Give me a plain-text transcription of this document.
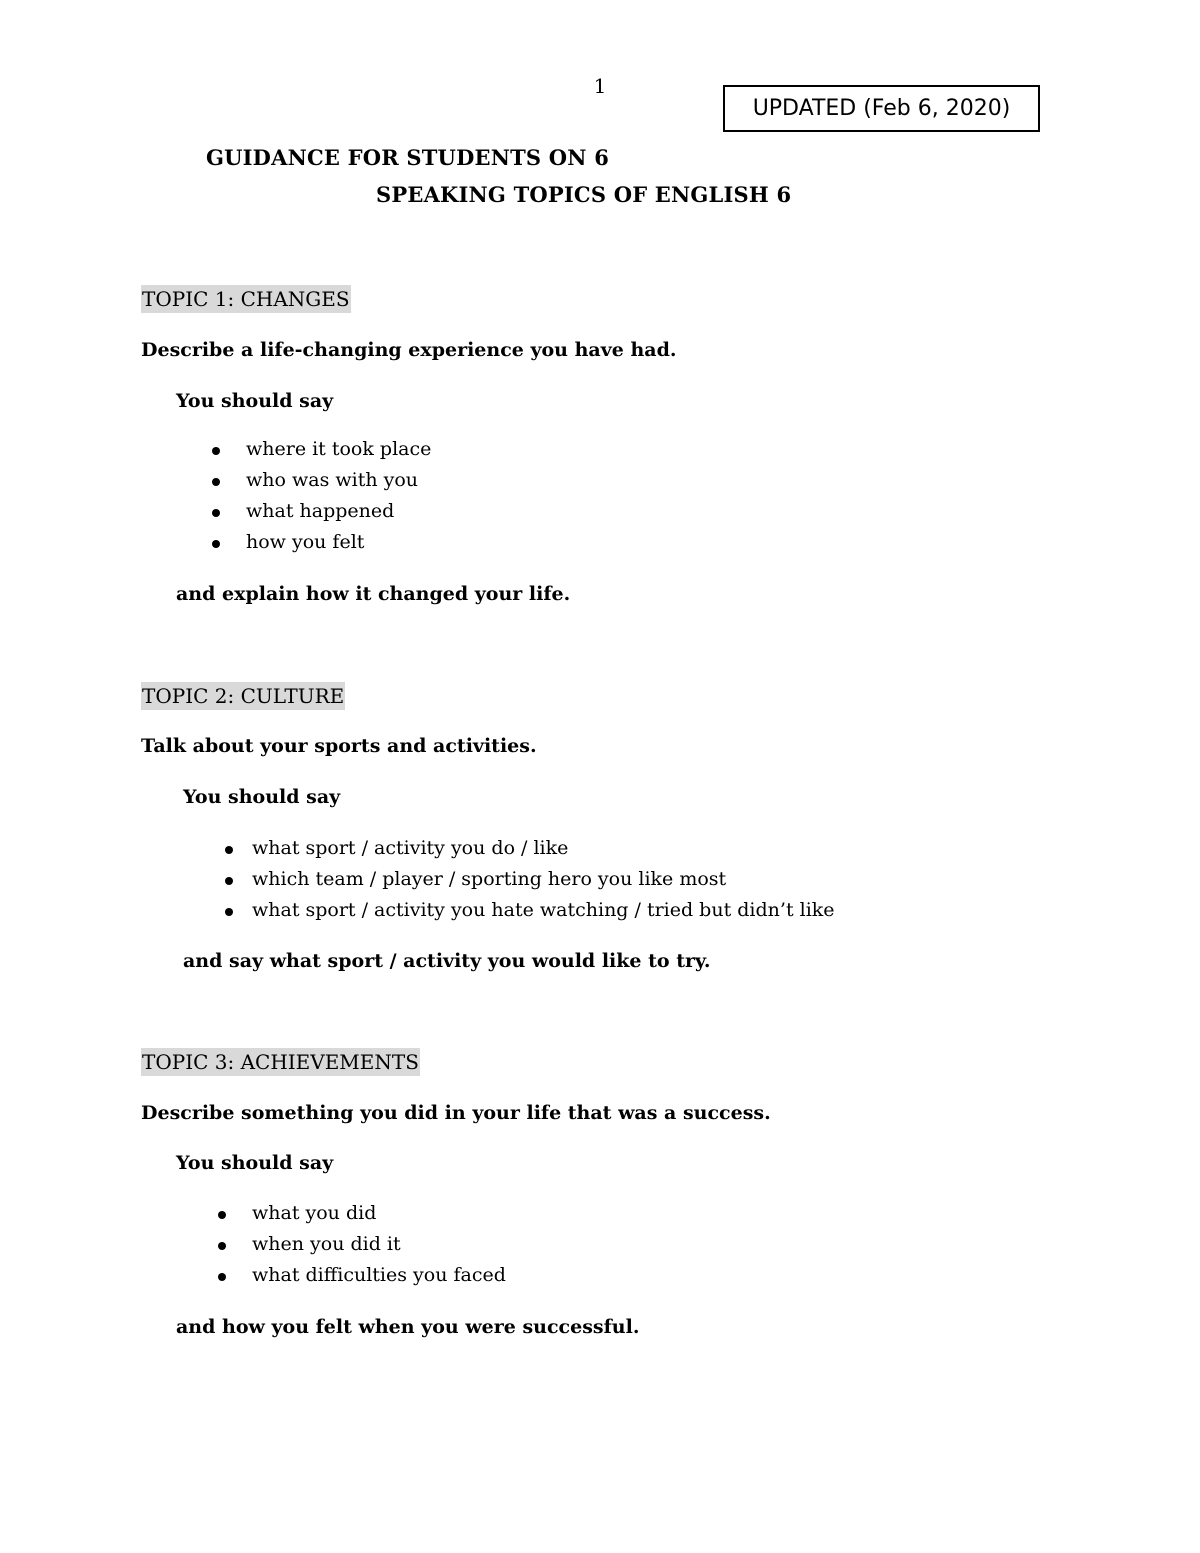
1
UPDATED (Feb 6, 2020)
GUIDANCE FOR STUDENTS ON 6
SPEAKING TOPICS OF ENGLISH 6
TOPIC 1: CHANGES
Describe a life-changing experience you have had.
You should say
where it took place
who was with you
what happened
how you felt
and explain how it changed your life.
TOPIC 2: CULTURE
Talk about your sports and activities.
You should say
what sport / activity you do / like
which team / player / sporting hero you like most
what sport / activity you hate watching / tried but didn’t like
and say what sport / activity you would like to try.
TOPIC 3: ACHIEVEMENTS
Describe something you did in your life that was a success.
You should say
what you did
when you did it
what difficulties you faced
and how you felt when you were successful.
